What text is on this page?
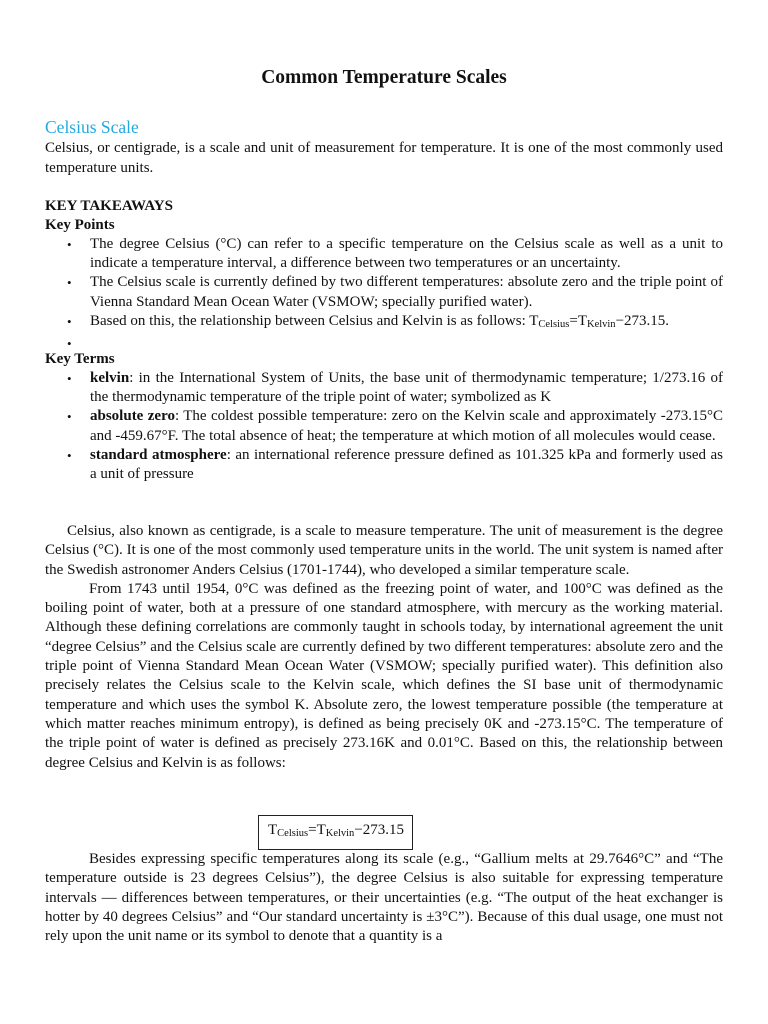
Common Temperature Scales
Celsius Scale
Celsius, or centigrade, is a scale and unit of measurement for temperature. It is one of the most commonly used temperature units.
KEY TAKEAWAYS
Key Points
• The degree Celsius (°C) can refer to a specific temperature on the Celsius scale as well as a unit to indicate a temperature interval, a difference between two temperatures or an uncertainty.
• The Celsius scale is currently defined by two different temperatures: absolute zero and the triple point of Vienna Standard Mean Ocean Water (VSMOW; specially purified water).
• Based on this, the relationship between Celsius and Kelvin is as follows: $T_{Celsius}=T_{Kelvin}-273.15$.
•
Key Terms
• kelvin: in the International System of Units, the base unit of thermodynamic temperature; 1/273.16 of the thermodynamic temperature of the triple point of water; symbolized as K
• absolute zero: The coldest possible temperature: zero on the Kelvin scale and approximately -273.15°C and -459.67°F. The total absence of heat; the temperature at which motion of all molecules would cease.
• standard atmosphere: an international reference pressure defined as 101.325 kPa and formerly used as a unit of pressure

Celsius, also known as centigrade, is a scale to measure temperature. The unit of measurement is the degree Celsius (°C). It is one of the most commonly used temperature units in the world. The unit system is named after the Swedish astronomer Anders Celsius (1701-1744), who developed a similar temperature scale.

From 1743 until 1954, 0°C was defined as the freezing point of water, and 100°C was defined as the boiling point of water, both at a pressure of one standard atmosphere, with mercury as the working material. Although these defining correlations are commonly taught in schools today, by international agreement the unit “degree Celsius” and the Celsius scale are currently defined by two different temperatures: absolute zero and the triple point of Vienna Standard Mean Ocean Water (VSMOW; specially purified water). This definition also precisely relates the Celsius scale to the Kelvin scale, which defines the SI base unit of thermodynamic temperature and which uses the symbol K. Absolute zero, the lowest temperature possible (the temperature at which matter reaches minimum entropy), is defined as being precisely 0K and -273.15°C. The temperature of the triple point of water is defined as precisely 273.16K and 0.01°C. Based on this, the relationship between degree Celsius and Kelvin is as follows:

$T_{Celsius}=T_{Kelvin}-273.15$

Besides expressing specific temperatures along its scale (e.g., “Gallium melts at 29.7646°C” and “The temperature outside is 23 degrees Celsius”), the degree Celsius is also suitable for expressing temperature intervals — differences between temperatures, or their uncertainties (e.g. “The output of the heat exchanger is hotter by 40 degrees Celsius” and “Our standard uncertainty is ±3°C”). Because of this dual usage, one must not rely upon the unit name or its symbol to denote that a quantity is a
